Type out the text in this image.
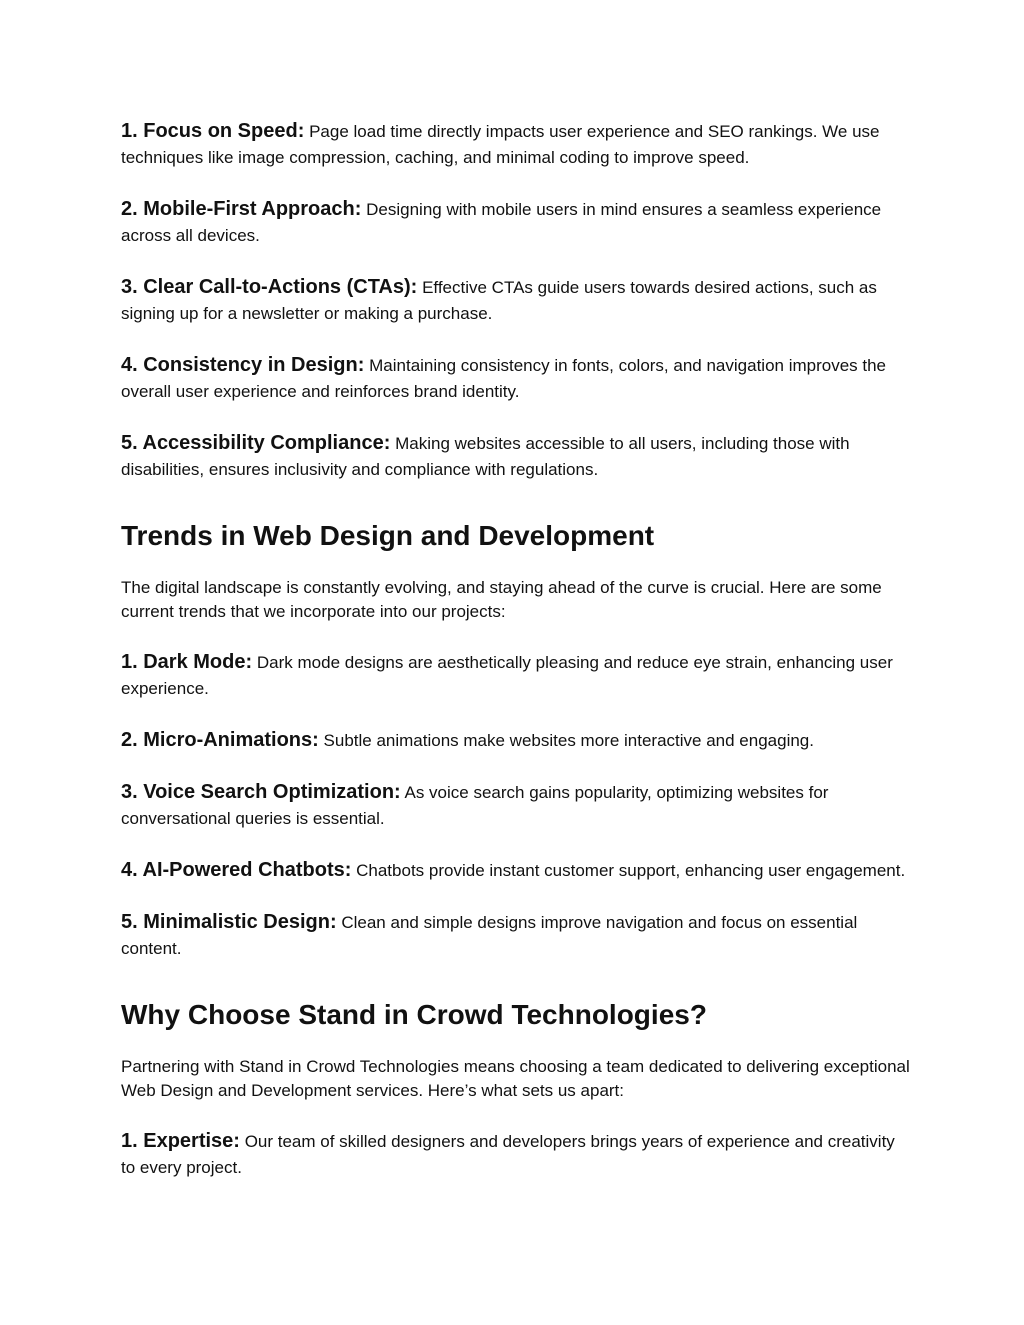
1. Focus on Speed: Page load time directly impacts user experience and SEO rankings. We use techniques like image compression, caching, and minimal coding to improve speed.

2. Mobile-First Approach: Designing with mobile users in mind ensures a seamless experience across all devices.

3. Clear Call-to-Actions (CTAs): Effective CTAs guide users towards desired actions, such as signing up for a newsletter or making a purchase.

4. Consistency in Design: Maintaining consistency in fonts, colors, and navigation improves the overall user experience and reinforces brand identity.

5. Accessibility Compliance: Making websites accessible to all users, including those with disabilities, ensures inclusivity and compliance with regulations.

Trends in Web Design and Development

The digital landscape is constantly evolving, and staying ahead of the curve is crucial. Here are some current trends that we incorporate into our projects:

1. Dark Mode: Dark mode designs are aesthetically pleasing and reduce eye strain, enhancing user experience.

2. Micro-Animations: Subtle animations make websites more interactive and engaging.

3. Voice Search Optimization: As voice search gains popularity, optimizing websites for conversational queries is essential.

4. AI-Powered Chatbots: Chatbots provide instant customer support, enhancing user engagement.

5. Minimalistic Design: Clean and simple designs improve navigation and focus on essential content.

Why Choose Stand in Crowd Technologies?

Partnering with Stand in Crowd Technologies means choosing a team dedicated to delivering exceptional Web Design and Development services. Here’s what sets us apart:

1. Expertise: Our team of skilled designers and developers brings years of experience and creativity to every project.
